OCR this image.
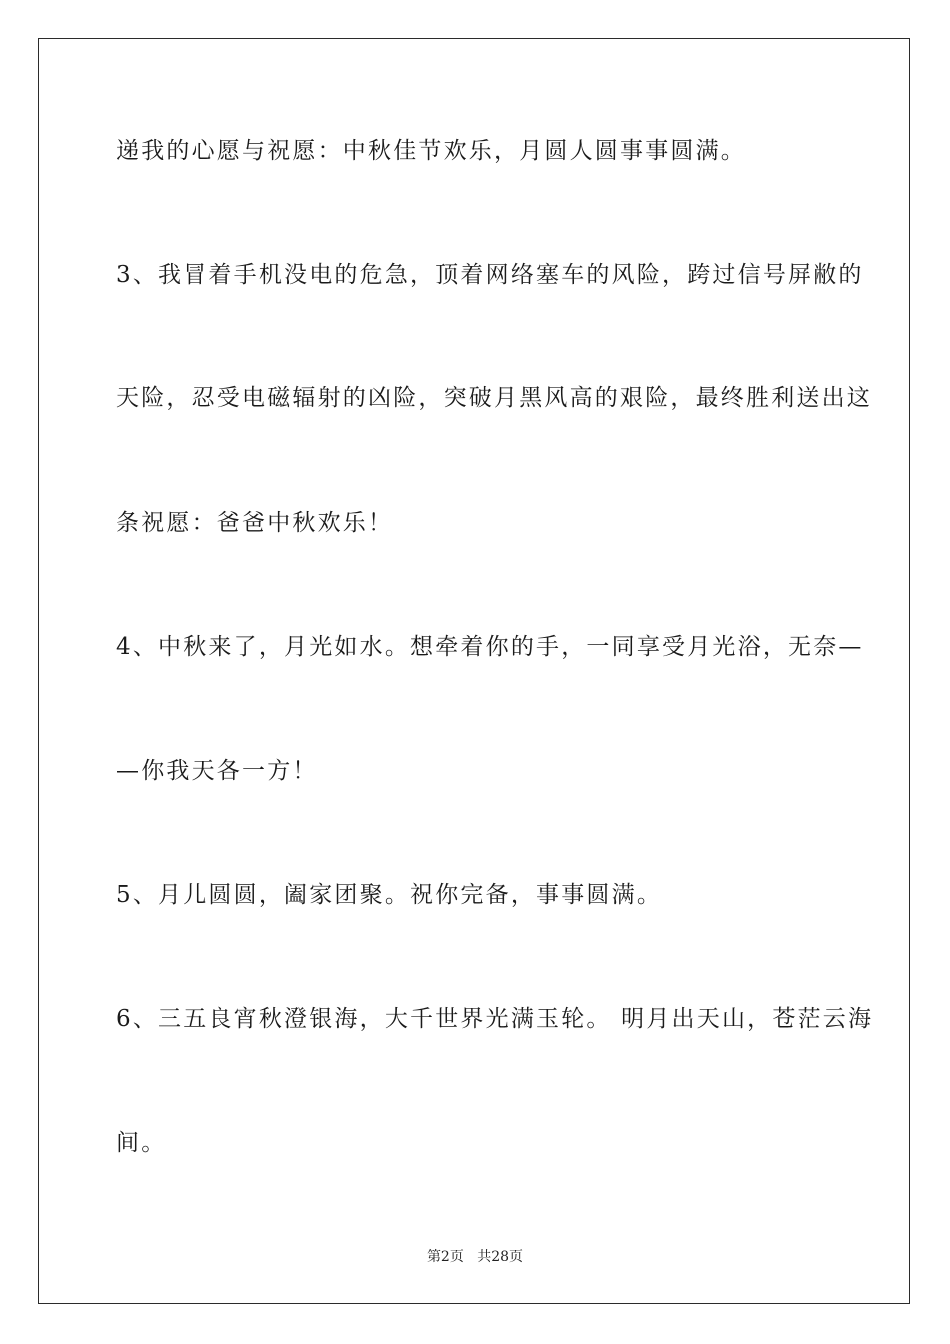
递我的心愿与祝愿：中秋佳节欢乐，月圆人圆事事圆满。
3、我冒着手机没电的危急，顶着网络塞车的风险，跨过信号屏敝的
天险，忍受电磁辐射的凶险，突破月黑风高的艰险，最终胜利送出这
条祝愿：爸爸中秋欢乐！
4、中秋来了，月光如水。想牵着你的手，一同享受月光浴，无奈—
—你我天各一方！
5、月儿圆圆，阖家团聚。祝你完备，事事圆满。
6、三五良宵秋澄银海，大千世界光满玉轮。 明月出天山，苍茫云海
间。
第2页 共28页
